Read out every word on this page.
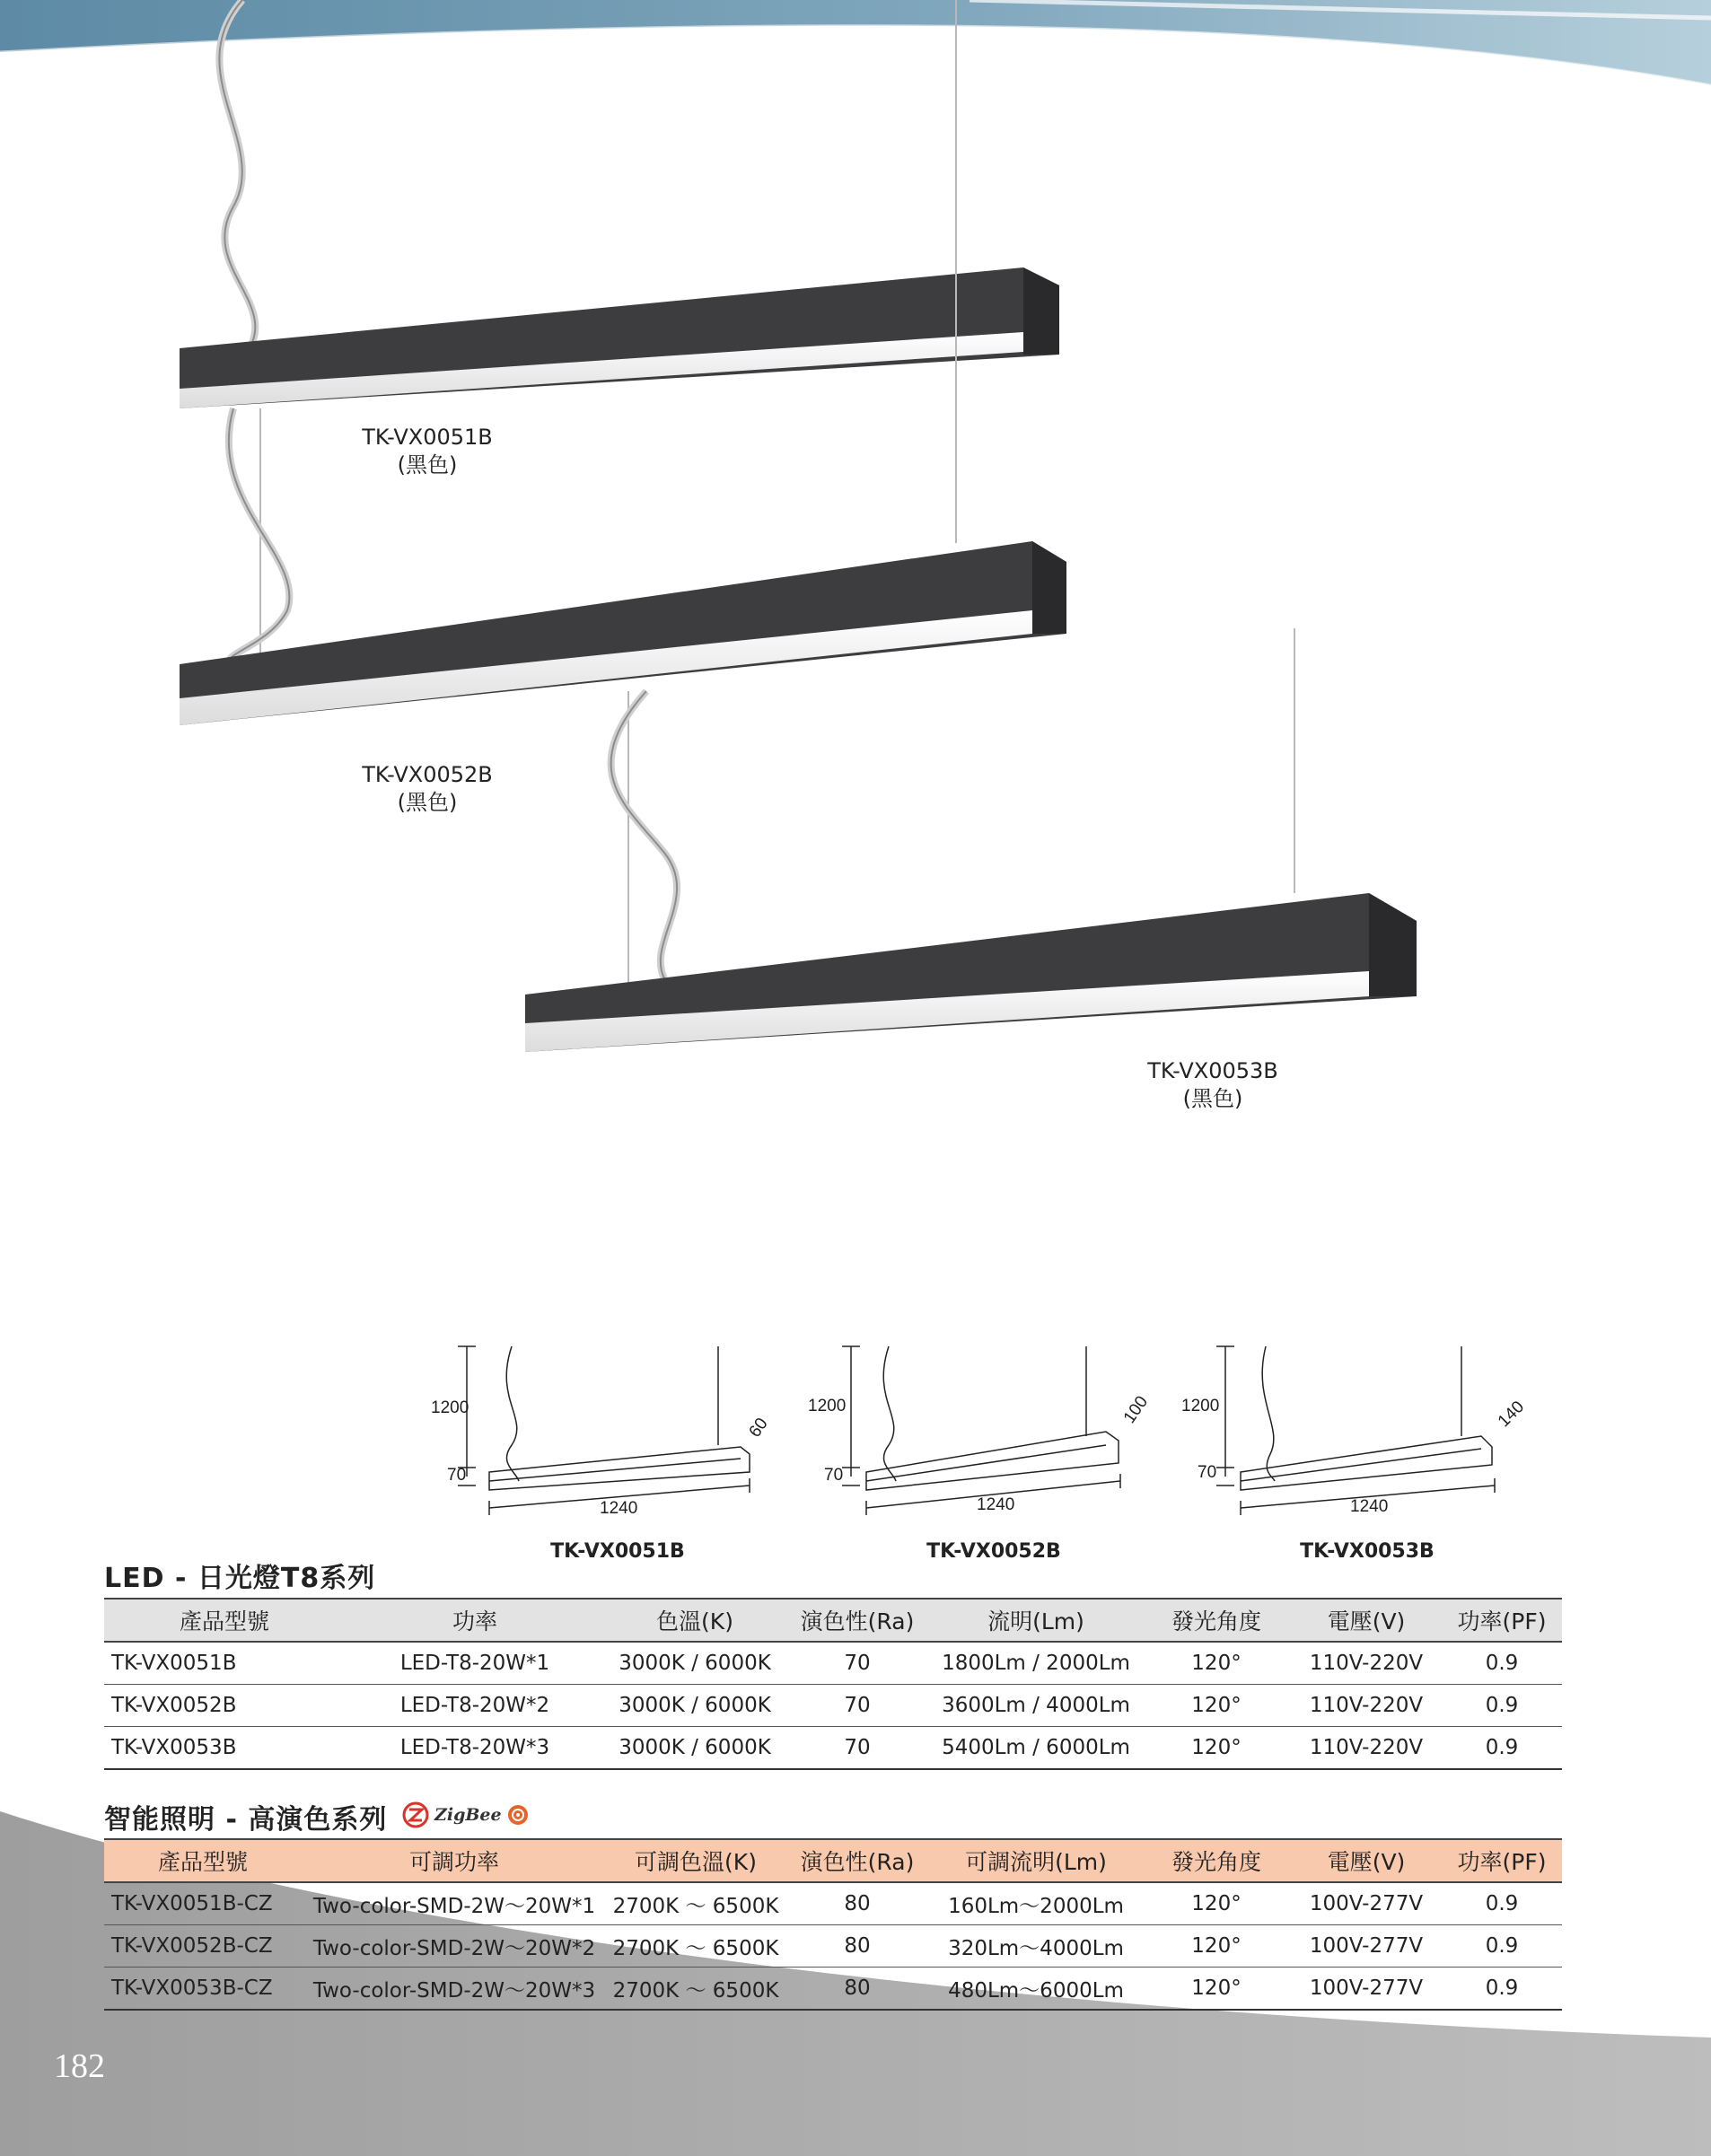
TK-VX0051B
(黑色)
TK-VX0052B
(黑色)
TK-VX0053B
(黑色)
1200
70
1240
60
1200
70
1240
100 1200
70
1240
140
TK-VX0051B	TK-VX0052B	TK-VX0053B
LED - 日光燈T8系列
產品型號	功率	色溫(K)	演色性(Ra)	流明(Lm)	發光角度	電壓(V)	功率(PF)
TK-VX0051B	LED-T8-20W*1	3000K / 6000K	70	1800Lm / 2000Lm	120°	110V-220V	0.9
TK-VX0052B	LED-T8-20W*2	3000K / 6000K	70	3600Lm / 4000Lm	120°	110V-220V	0.9
TK-VX0053B	LED-T8-20W*3	3000K / 6000K	70	5400Lm / 6000Lm	120°	110V-220V	0.9
智能照明 - 高演色系列	ZigBee
產品型號	可調功率	可調色溫(K)	演色性(Ra)	可調流明(Lm)	發光角度	電壓(V)	功率(PF)
TK-VX0051B-CZ	Two-color-SMD-2W～20W*1	2700K ～ 6500K	80	160Lm～2000Lm	120°	100V-277V	0.9
TK-VX0052B-CZ	Two-color-SMD-2W～20W*2	2700K ～ 6500K	80	320Lm～4000Lm	120°	100V-277V	0.9
TK-VX0053B-CZ	Two-color-SMD-2W～20W*3	2700K ～ 6500K	80	480Lm～6000Lm	120°	100V-277V	0.9
182
